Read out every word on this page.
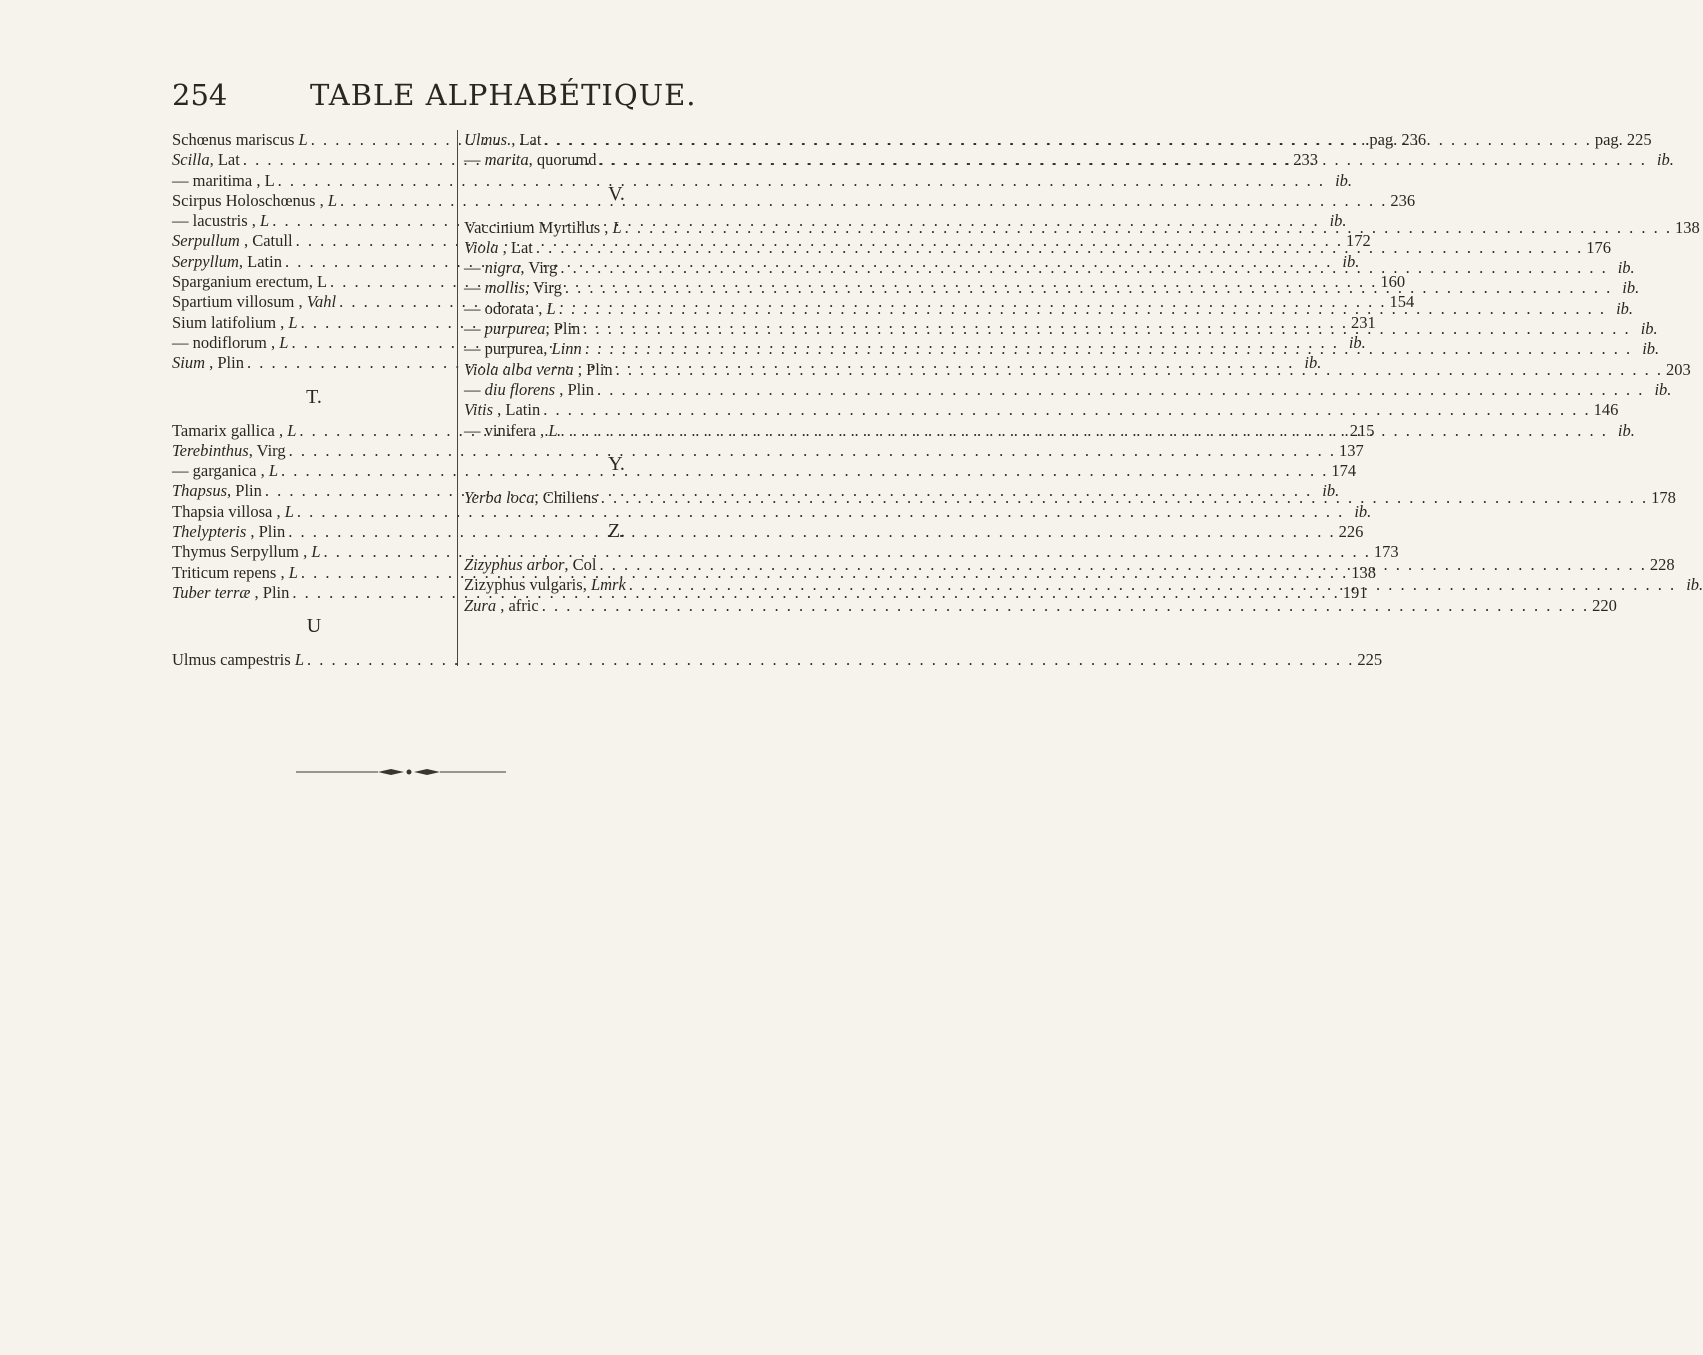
254	TABLE ALPHABÉTIQUE.
Schœnus mariscus L . . .	..pag. 236
Scilla, Lat . . .	233
— maritima , L . . .	ib.
Scirpus Holoschœnus , L . . .	236
— lacustris , L . . .	ib.
Serpullum , Catull . . .	172
Serpyllum, Latin . . .	ib.
Sparganium erectum, L . . .	160
Spartium villosum , Vahl . . .	154
Sium latifolium , L . . .	231
— nodiflorum , L . . .	ib.
Sium , Plin . . .	ib.
T.
Tamarix gallica , L . . .	215
Terebinthus, Virg . . .	137
— garganica , L . . .	174
Thapsus, Plin . . .	ib.
Thapsia villosa , L . . .	ib.
Thelypteris , Plin . . .	226
Thymus Serpyllum , L . . .	173
Triticum repens , L . . .	138
Tuber terræ , Plin . . .	191
U
Ulmus campestris L . . .	225
Ulmus , Lat . . .	pag. 225
— marita, quorumd . . .	ib.
V.
Vaccinium Myrtillus , L . . .	138
Viola , Lat . . .	176
— nigra, Virg . . .	ib.
— mollis, Virg . . .	ib.
— odorata , L . . .	ib.
— purpurea, Plin . . .	ib.
— purpurea, Linn . . .	ib.
Viola alba verna , Plin . . .	203
— diu florens , Plin . . .	ib.
Vitis , Latin . . .	146
— vinifera , L . . .	ib.
Y.
Yerba loca, Chiliens . . .	178
Z.
Zizyphus arbor, Col . . .	228
Zizyphus vulgaris, Lmrk . . .	ib.
Zura , afric . . .	220
